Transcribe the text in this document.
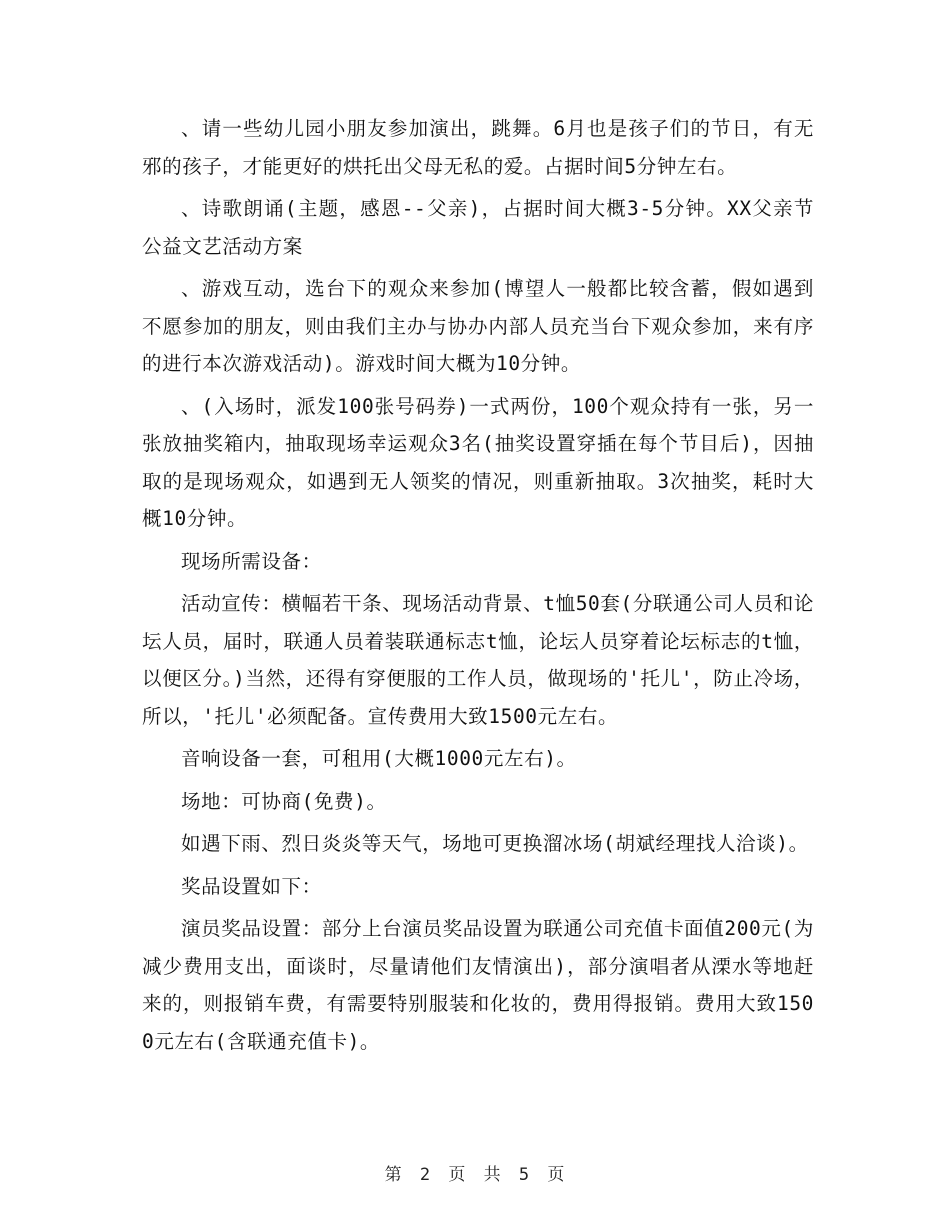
、请一些幼儿园小朋友参加演出，跳舞。6月也是孩子们的节日，有无邪的孩子，才能更好的烘托出父母无私的爱。占据时间5分钟左右。

、诗歌朗诵(主题，感恩--父亲)，占据时间大概3-5分钟。XX父亲节公益文艺活动方案

、游戏互动，选台下的观众来参加(博望人一般都比较含蓄，假如遇到不愿参加的朋友，则由我们主办与协办内部人员充当台下观众参加，来有序的进行本次游戏活动)。游戏时间大概为10分钟。

、(入场时，派发100张号码券)一式两份，100个观众持有一张，另一张放抽奖箱内，抽取现场幸运观众3名(抽奖设置穿插在每个节目后)，因抽取的是现场观众，如遇到无人领奖的情况，则重新抽取。3次抽奖，耗时大概10分钟。

现场所需设备：

活动宣传：横幅若干条、现场活动背景、t恤50套(分联通公司人员和论坛人员，届时，联通人员着装联通标志t恤，论坛人员穿着论坛标志的t恤，以便区分。)当然，还得有穿便服的工作人员，做现场的'托儿'，防止冷场，所以，'托儿'必须配备。宣传费用大致1500元左右。

音响设备一套，可租用(大概1000元左右)。

场地：可协商(免费)。

如遇下雨、烈日炎炎等天气，场地可更换溜冰场(胡斌经理找人洽谈)。

奖品设置如下：

演员奖品设置：部分上台演员奖品设置为联通公司充值卡面值200元(为减少费用支出，面谈时，尽量请他们友情演出)，部分演唱者从溧水等地赶来的，则报销车费，有需要特别服装和化妆的，费用得报销。费用大致1500元左右(含联通充值卡)。

第 2 页 共 5 页
